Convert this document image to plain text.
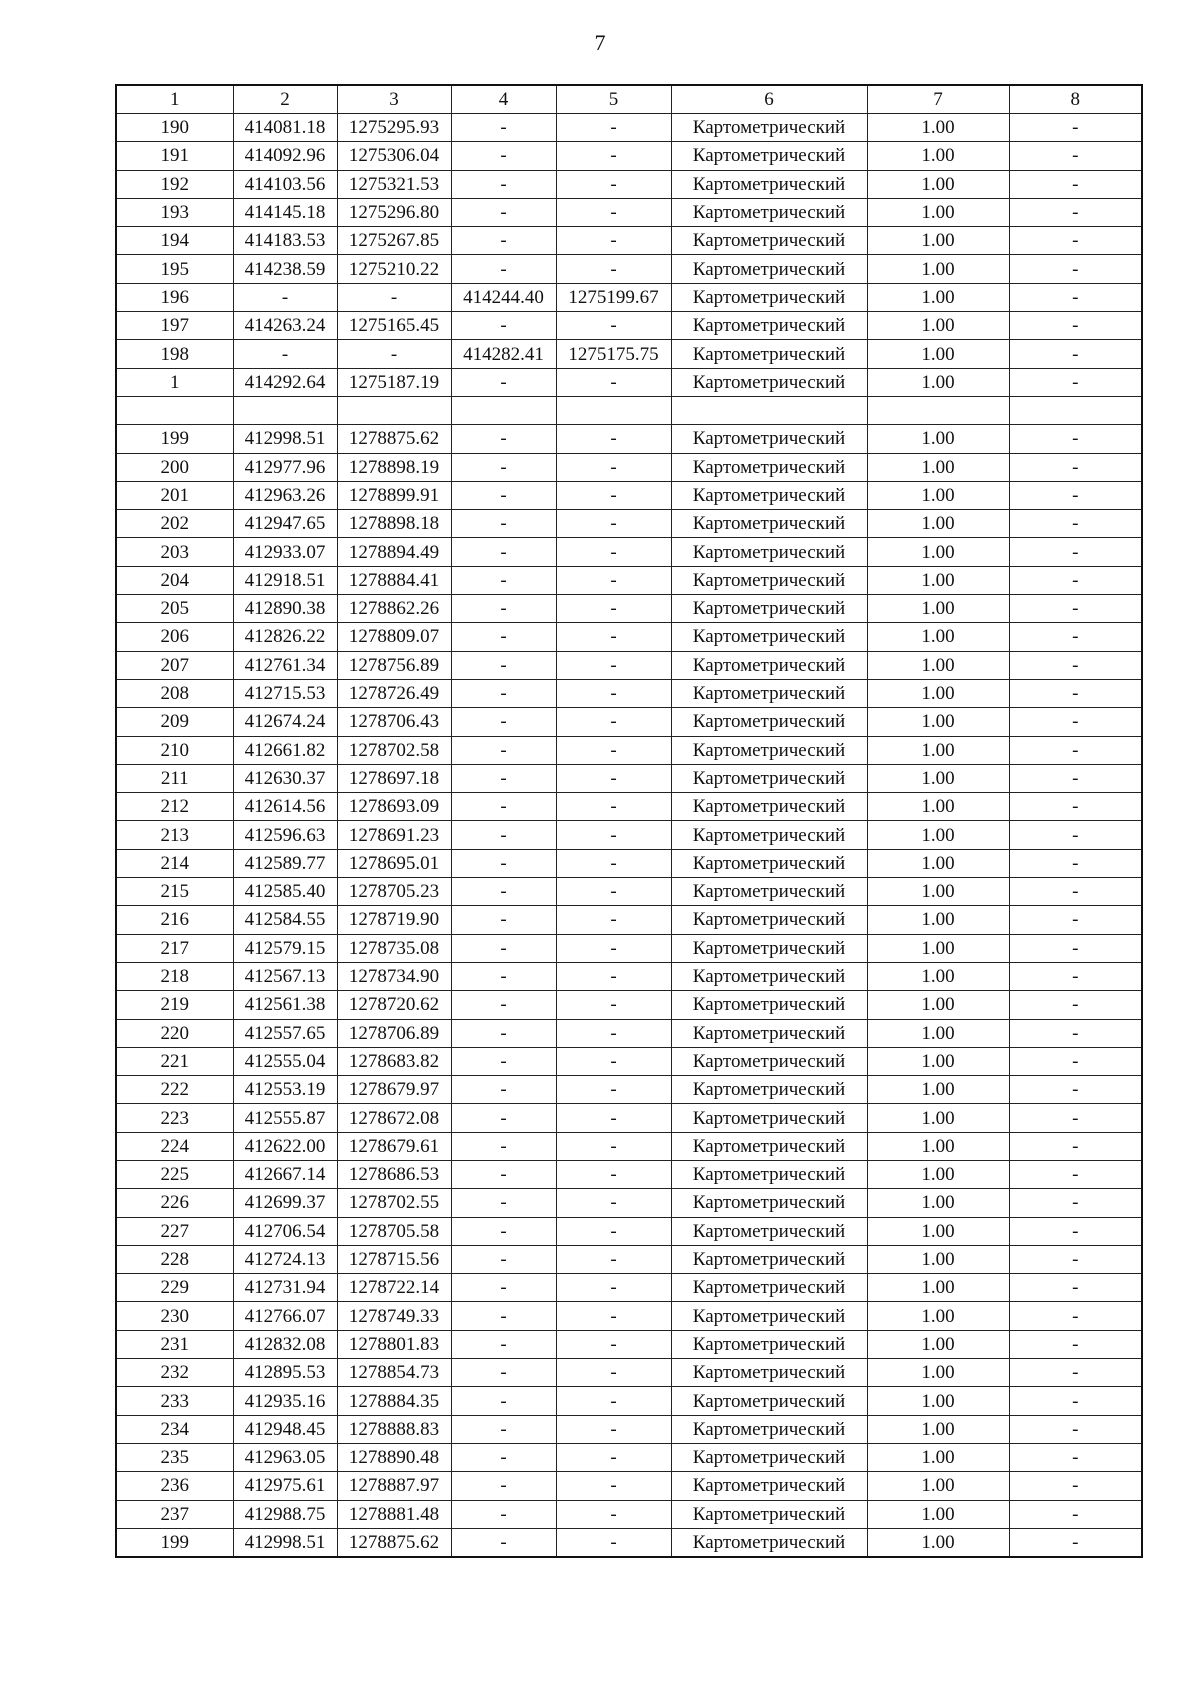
7
1	2	3	4	5	6	7	8
190	414081.18	1275295.93	-	-	Картометрический	1.00	-
191	414092.96	1275306.04	-	-	Картометрический	1.00	-
192	414103.56	1275321.53	-	-	Картометрический	1.00	-
193	414145.18	1275296.80	-	-	Картометрический	1.00	-
194	414183.53	1275267.85	-	-	Картометрический	1.00	-
195	414238.59	1275210.22	-	-	Картометрический	1.00	-
196	-	-	414244.40	1275199.67	Картометрический	1.00	-
197	414263.24	1275165.45	-	-	Картометрический	1.00	-
198	-	-	414282.41	1275175.75	Картометрический	1.00	-
1	414292.64	1275187.19	-	-	Картометрический	1.00	-

199	412998.51	1278875.62	-	-	Картометрический	1.00	-
200	412977.96	1278898.19	-	-	Картометрический	1.00	-
201	412963.26	1278899.91	-	-	Картометрический	1.00	-
202	412947.65	1278898.18	-	-	Картометрический	1.00	-
203	412933.07	1278894.49	-	-	Картометрический	1.00	-
204	412918.51	1278884.41	-	-	Картометрический	1.00	-
205	412890.38	1278862.26	-	-	Картометрический	1.00	-
206	412826.22	1278809.07	-	-	Картометрический	1.00	-
207	412761.34	1278756.89	-	-	Картометрический	1.00	-
208	412715.53	1278726.49	-	-	Картометрический	1.00	-
209	412674.24	1278706.43	-	-	Картометрический	1.00	-
210	412661.82	1278702.58	-	-	Картометрический	1.00	-
211	412630.37	1278697.18	-	-	Картометрический	1.00	-
212	412614.56	1278693.09	-	-	Картометрический	1.00	-
213	412596.63	1278691.23	-	-	Картометрический	1.00	-
214	412589.77	1278695.01	-	-	Картометрический	1.00	-
215	412585.40	1278705.23	-	-	Картометрический	1.00	-
216	412584.55	1278719.90	-	-	Картометрический	1.00	-
217	412579.15	1278735.08	-	-	Картометрический	1.00	-
218	412567.13	1278734.90	-	-	Картометрический	1.00	-
219	412561.38	1278720.62	-	-	Картометрический	1.00	-
220	412557.65	1278706.89	-	-	Картометрический	1.00	-
221	412555.04	1278683.82	-	-	Картометрический	1.00	-
222	412553.19	1278679.97	-	-	Картометрический	1.00	-
223	412555.87	1278672.08	-	-	Картометрический	1.00	-
224	412622.00	1278679.61	-	-	Картометрический	1.00	-
225	412667.14	1278686.53	-	-	Картометрический	1.00	-
226	412699.37	1278702.55	-	-	Картометрический	1.00	-
227	412706.54	1278705.58	-	-	Картометрический	1.00	-
228	412724.13	1278715.56	-	-	Картометрический	1.00	-
229	412731.94	1278722.14	-	-	Картометрический	1.00	-
230	412766.07	1278749.33	-	-	Картометрический	1.00	-
231	412832.08	1278801.83	-	-	Картометрический	1.00	-
232	412895.53	1278854.73	-	-	Картометрический	1.00	-
233	412935.16	1278884.35	-	-	Картометрический	1.00	-
234	412948.45	1278888.83	-	-	Картометрический	1.00	-
235	412963.05	1278890.48	-	-	Картометрический	1.00	-
236	412975.61	1278887.97	-	-	Картометрический	1.00	-
237	412988.75	1278881.48	-	-	Картометрический	1.00	-
199	412998.51	1278875.62	-	-	Картометрический	1.00	-
